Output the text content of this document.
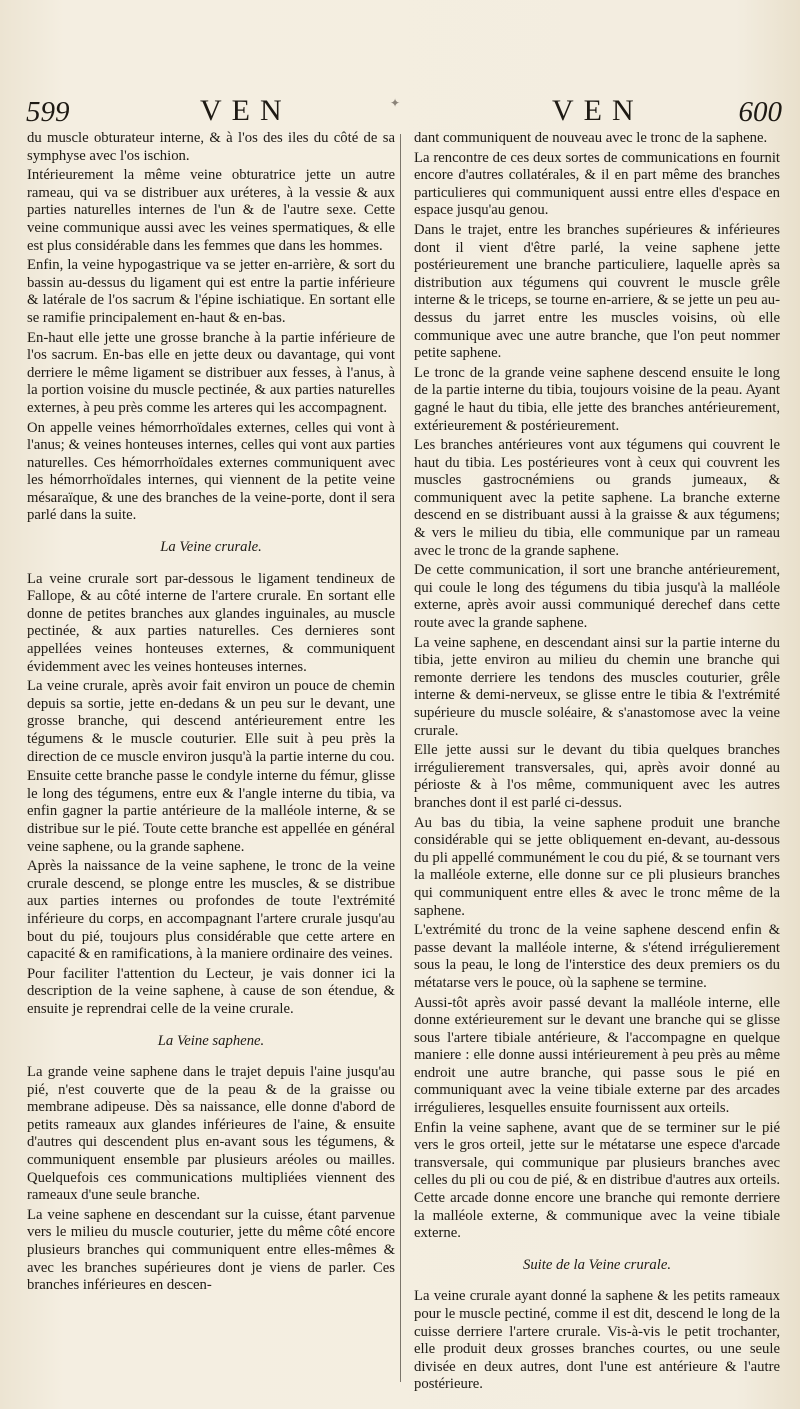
599	VEN	✦	VEN	600

du muscle obturateur interne, & à l'os des iles du côté de sa symphyse avec l'os ischion.

Intérieurement la même veine obturatrice jette un autre rameau, qui va se distribuer aux uréteres, à la vessie & aux parties naturelles internes de l'un & de l'autre sexe. Cette veine communique aussi avec les veines spermatiques, & elle est plus considérable dans les femmes que dans les hommes.

Enfin, la veine hypogastrique va se jetter en-arrière, & sort du bassin au-dessus du ligament qui est entre la partie inférieure & latérale de l'os sacrum & l'épine ischiatique. En sortant elle se ramifie principalement en-haut & en-bas.

En-haut elle jette une grosse branche à la partie inférieure de l'os sacrum. En-bas elle en jette deux ou davantage, qui vont derriere le même ligament se distribuer aux fesses, à l'anus, à la portion voisine du muscle pectinée, & aux parties naturelles externes, à peu près comme les arteres qui les accompagnent.

On appelle veines hémorrhoïdales externes, celles qui vont à l'anus; & veines honteuses internes, celles qui vont aux parties naturelles. Ces hémorrhoïdales externes communiquent avec les hémorrhoïdales internes, qui viennent de la petite veine mésaraïque, & une des branches de la veine-porte, dont il sera parlé dans la suite.

La Veine crurale.

La veine crurale sort par-dessous le ligament tendineux de Fallope, & au côté interne de l'artere crurale. En sortant elle donne de petites branches aux glandes inguinales, au muscle pectinée, & aux parties naturelles. Ces dernieres sont appellées veines honteuses externes, & communiquent évidemment avec les veines honteuses internes.

La veine crurale, après avoir fait environ un pouce de chemin depuis sa sortie, jette en-dedans & un peu sur le devant, une grosse branche, qui descend antérieurement entre les tégumens & le muscle couturier. Elle suit à peu près la direction de ce muscle environ jusqu'à la partie interne du cou.

Ensuite cette branche passe le condyle interne du fémur, glisse le long des tégumens, entre eux & l'angle interne du tibia, va enfin gagner la partie antérieure de la malléole interne, & se distribue sur le pié. Toute cette branche est appellée en général veine saphene, ou la grande saphene.

Après la naissance de la veine saphene, le tronc de la veine crurale descend, se plonge entre les muscles, & se distribue aux parties internes ou profondes de toute l'extrémité inférieure du corps, en accompagnant l'artere crurale jusqu'au bout du pié, toujours plus considérable que cette artere en capacité & en ramifications, à la maniere ordinaire des veines.

Pour faciliter l'attention du Lecteur, je vais donner ici la description de la veine saphene, à cause de son étendue, & ensuite je reprendrai celle de la veine crurale.

La Veine saphene.

La grande veine saphene dans le trajet depuis l'aine jusqu'au pié, n'est couverte que de la peau & de la graisse ou membrane adipeuse. Dès sa naissance, elle donne d'abord de petits rameaux aux glandes inférieures de l'aine, & ensuite d'autres qui descendent plus en-avant sous les tégumens, & communiquent ensemble par plusieurs aréoles ou mailles. Quelquefois ces communications multipliées viennent des rameaux d'une seule branche.

La veine saphene en descendant sur la cuisse, étant parvenue vers le milieu du muscle couturier, jette du même côté encore plusieurs branches qui communiquent entre elles-mêmes & avec les branches supérieures dont je viens de parler. Ces branches inférieures en descen-

dant communiquent de nouveau avec le tronc de la saphene.

La rencontre de ces deux sortes de communications en fournit encore d'autres collatérales, & il en part même des branches particulieres qui communiquent aussi entre elles d'espace en espace jusqu'au genou.

Dans le trajet, entre les branches supérieures & inférieures dont il vient d'être parlé, la veine saphene jette postérieurement une branche particuliere, laquelle après sa distribution aux tégumens qui couvrent le muscle grêle interne & le triceps, se tourne en-arriere, & se jette un peu au-dessus du jarret entre les muscles voisins, où elle communique avec une autre branche, que l'on peut nommer petite saphene.

Le tronc de la grande veine saphene descend ensuite le long de la partie interne du tibia, toujours voisine de la peau. Ayant gagné le haut du tibia, elle jette des branches antérieurement, extérieurement & postérieurement.

Les branches antérieures vont aux tégumens qui couvrent le haut du tibia. Les postérieures vont à ceux qui couvrent les muscles gastrocnémiens ou grands jumeaux, & communiquent avec la petite saphene. La branche externe descend en se distribuant aussi à la graisse & aux tégumens; & vers le milieu du tibia, elle communique par un rameau avec le tronc de la grande saphene.

De cette communication, il sort une branche antérieurement, qui coule le long des tégumens du tibia jusqu'à la malléole externe, après avoir aussi communiqué derechef dans cette route avec la grande saphene.

La veine saphene, en descendant ainsi sur la partie interne du tibia, jette environ au milieu du chemin une branche qui remonte derriere les tendons des muscles couturier, grêle interne & demi-nerveux, se glisse entre le tibia & l'extrémité supérieure du muscle soléaire, & s'anastomose avec la veine crurale.

Elle jette aussi sur le devant du tibia quelques branches irrégulierement transversales, qui, après avoir donné au périoste & à l'os même, communiquent avec les autres branches dont il est parlé ci-dessus.

Au bas du tibia, la veine saphene produit une branche considérable qui se jette obliquement en-devant, au-dessous du pli appellé communément le cou du pié, & se tournant vers la malléole externe, elle donne sur ce pli plusieurs branches qui communiquent entre elles & avec le tronc même de la saphene.

L'extrémité du tronc de la veine saphene descend enfin & passe devant la malléole interne, & s'étend irrégulierement sous la peau, le long de l'interstice des deux premiers os du métatarse vers le pouce, où la saphene se termine.

Aussi-tôt après avoir passé devant la malléole interne, elle donne extérieurement sur le devant une branche qui se glisse sous l'artere tibiale antérieure, & l'accompagne en quelque maniere : elle donne aussi intérieurement à peu près au même endroit une autre branche, qui passe sous le pié en communiquant avec la veine tibiale externe par des arcades irrégulieres, lesquelles ensuite fournissent aux orteils.

Enfin la veine saphene, avant que de se terminer sur le pié vers le gros orteil, jette sur le métatarse une espece d'arcade transversale, qui communique par plusieurs branches avec celles du pli ou cou de pié, & en distribue d'autres aux orteils. Cette arcade donne encore une branche qui remonte derriere la malléole externe, & communique avec la veine tibiale externe.

Suite de la Veine crurale.

La veine crurale ayant donné la saphene & les petits rameaux pour le muscle pectiné, comme il est dit, descend le long de la cuisse derriere l'artere crurale. Vis-à-vis le petit trochanter, elle produit deux grosses branches courtes, ou une seule divisée en deux autres, dont l'une est antérieure & l'autre postérieure.
